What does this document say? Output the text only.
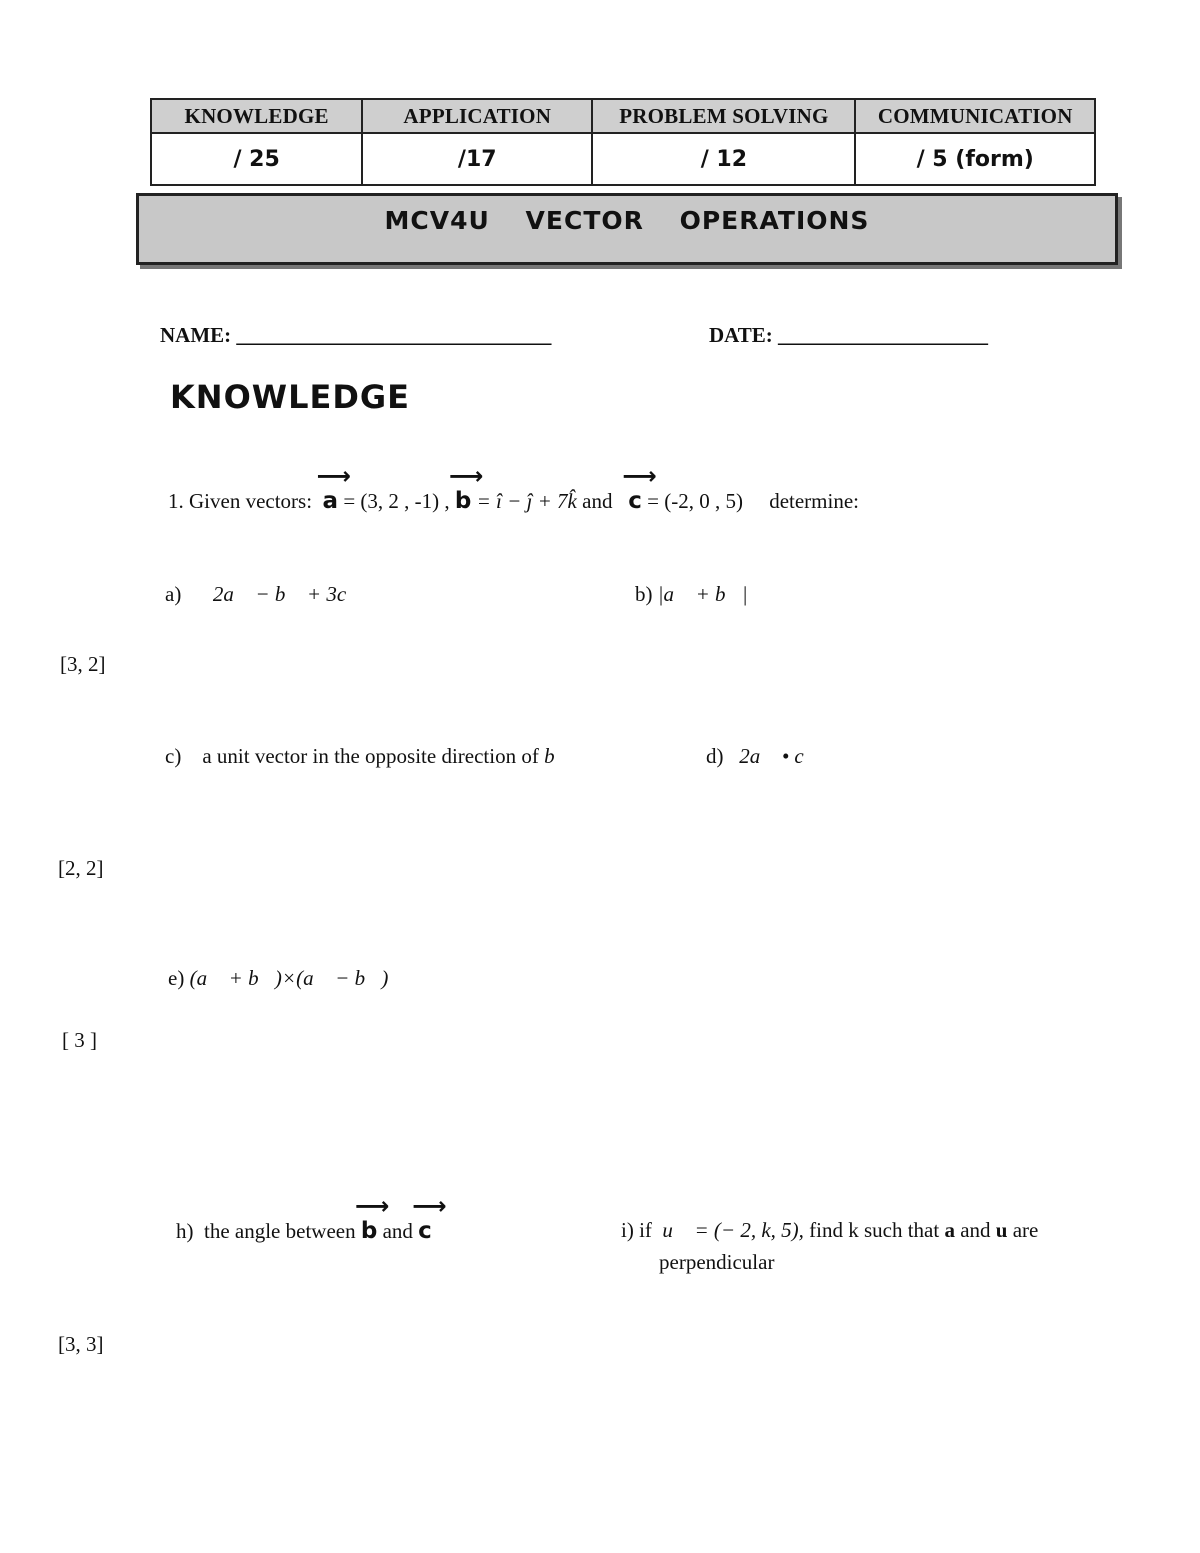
KNOWLEDGE	APPLICATION	PROBLEM SOLVING	COMMUNICATION
/ 25	/17	/ 12	/ 5 (form)
MCV4U VECTOR OPERATIONS
NAME: ______________________________	DATE: ____________________
KNOWLEDGE
1. Given vectors:
⟶
a = (3, 2 , -1) ,
⟶
b = î − ĵ + 7k̂ and
⟶
c = (-2, 0 , 5) determine:
a) 2a⃗ − b⃗ + 3c⃗	b) |a⃗ + b⃗|
[3, 2]
c) a unit vector in the opposite direction of b⃗	d) 2a⃗ • c⃗
[2, 2]
e) (a⃗ + b⃗)×(a⃗ − b⃗)
[ 3 ]
h) the angle between
⟶
b and
⟶
c	i) if u⃗ = (− 2, k, 5), find k such that a and u are
perpendicular
[3, 3]
